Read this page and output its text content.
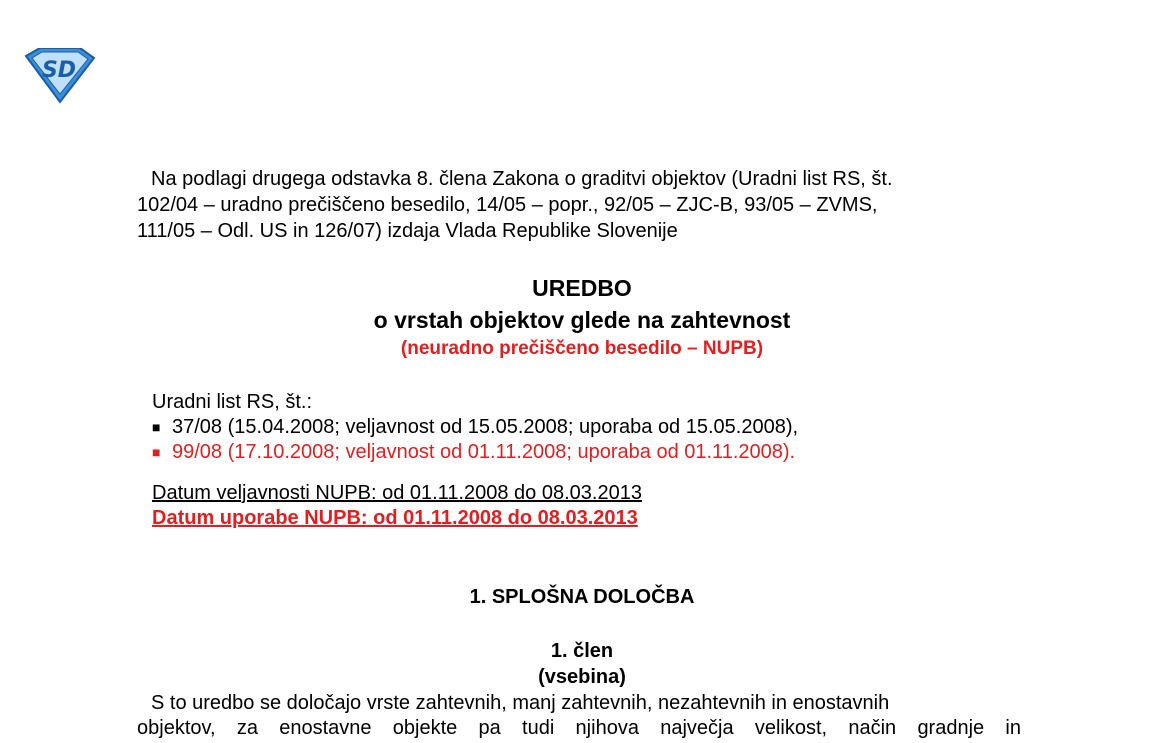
SD
Na podlagi drugega odstavka 8. člena Zakona o graditvi objektov (Uradni list RS, št.
102/04 – uradno prečiščeno besedilo, 14/05 – popr., 92/05 – ZJC-B, 93/05 – ZVMS,
111/05 – Odl. US in 126/07) izdaja Vlada Republike Slovenije
UREDBO
o vrstah objektov glede na zahtevnost
(neuradno prečiščeno besedilo – NUPB)
Uradni list RS, št.:
■ 37/08 (15.04.2008; veljavnost od 15.05.2008; uporaba od 15.05.2008),
■ 99/08 (17.10.2008; veljavnost od 01.11.2008; uporaba od 01.11.2008).
Datum veljavnosti NUPB: od 01.11.2008 do 08.03.2013
Datum uporabe NUPB: od 01.11.2008 do 08.03.2013
1. SPLOŠNA DOLOČBA
1. člen
(vsebina)
S to uredbo se določajo vrste zahtevnih, manj zahtevnih, nezahtevnih in enostavnih
objektov, za enostavne objekte pa tudi njihova največja velikost, način gradnje in
